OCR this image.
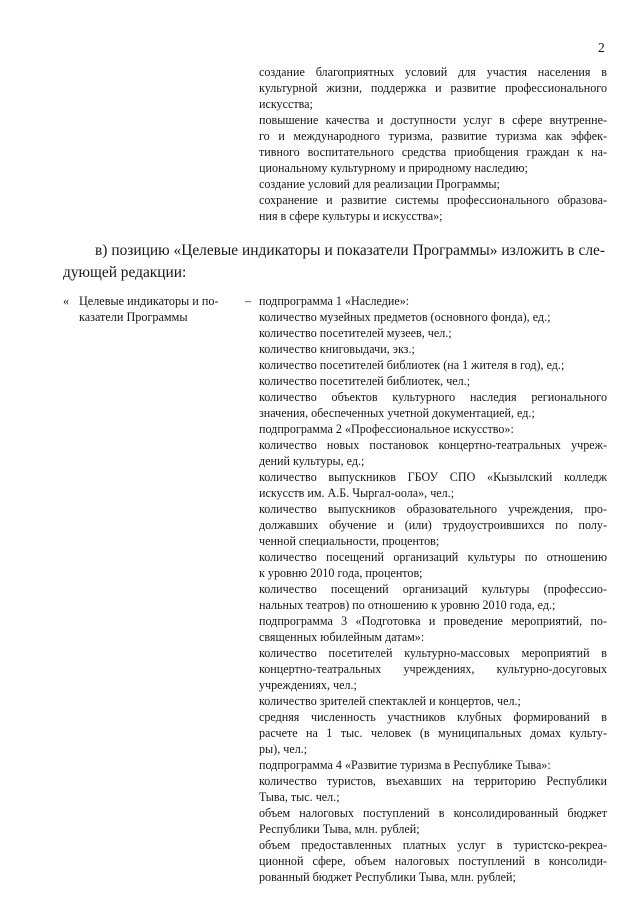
2

создание благоприятных условий для участия населения в

культурной жизни, поддержка и развитие профессионального

искусства;

повышение качества и доступности услуг в сфере внутренне-

го и международного туризма, развитие туризма как эффек-

тивного воспитательного средства приобщения граждан к на-

циональному культурному и природному наследию;

создание условий для реализации Программы;

сохранение и развитие системы профессионального образова-

ния в сфере культуры и искусства»;

в) позицию «Целевые индикаторы и показатели Программы» изложить в сле-

дующей редакции:

« Целевые индикаторы и по-
казатели Программы
– подпрограмма 1 «Наследие»:

количество музейных предметов (основного фонда), ед.;

количество посетителей музеев, чел.;

количество книговыдачи, экз.;

количество посетителей библиотек (на 1 жителя в год), ед.;

количество посетителей библиотек, чел.;

количество объектов культурного наследия регионального

значения, обеспеченных учетной документацией, ед.;

подпрограмма 2 «Профессиональное искусство»:

количество новых постановок концертно-театральных учреж-

дений культуры, ед.;

количество выпускников ГБОУ СПО «Кызылский колледж

искусств им. А.Б. Чыргал-оола», чел.;

количество выпускников образовательного учреждения, про-

должавших обучение и (или) трудоустроившихся по полу-

ченной специальности, процентов;

количество посещений организаций культуры по отношению

к уровню 2010 года, процентов;

количество посещений организаций культуры (профессио-

нальных театров) по отношению к уровню 2010 года, ед.;

подпрограмма 3 «Подготовка и проведение мероприятий, по-

священных юбилейным датам»:

количество посетителей культурно-массовых мероприятий в

концертно-театральных учреждениях, культурно-досуговых

учреждениях, чел.;

количество зрителей спектаклей и концертов, чел.;

средняя численность участников клубных формирований в

расчете на 1 тыс. человек (в муниципальных домах культу-

ры), чел.;

подпрограмма 4 «Развитие туризма в Республике Тыва»:

количество туристов, въехавших на территорию Республики

Тыва, тыс. чел.;

объем налоговых поступлений в консолидированный бюджет

Республики Тыва, млн. рублей;

объем предоставленных платных услуг в туристско-рекреа-

ционной сфере, объем налоговых поступлений в консолиди-

рованный бюджет Республики Тыва, млн. рублей;
